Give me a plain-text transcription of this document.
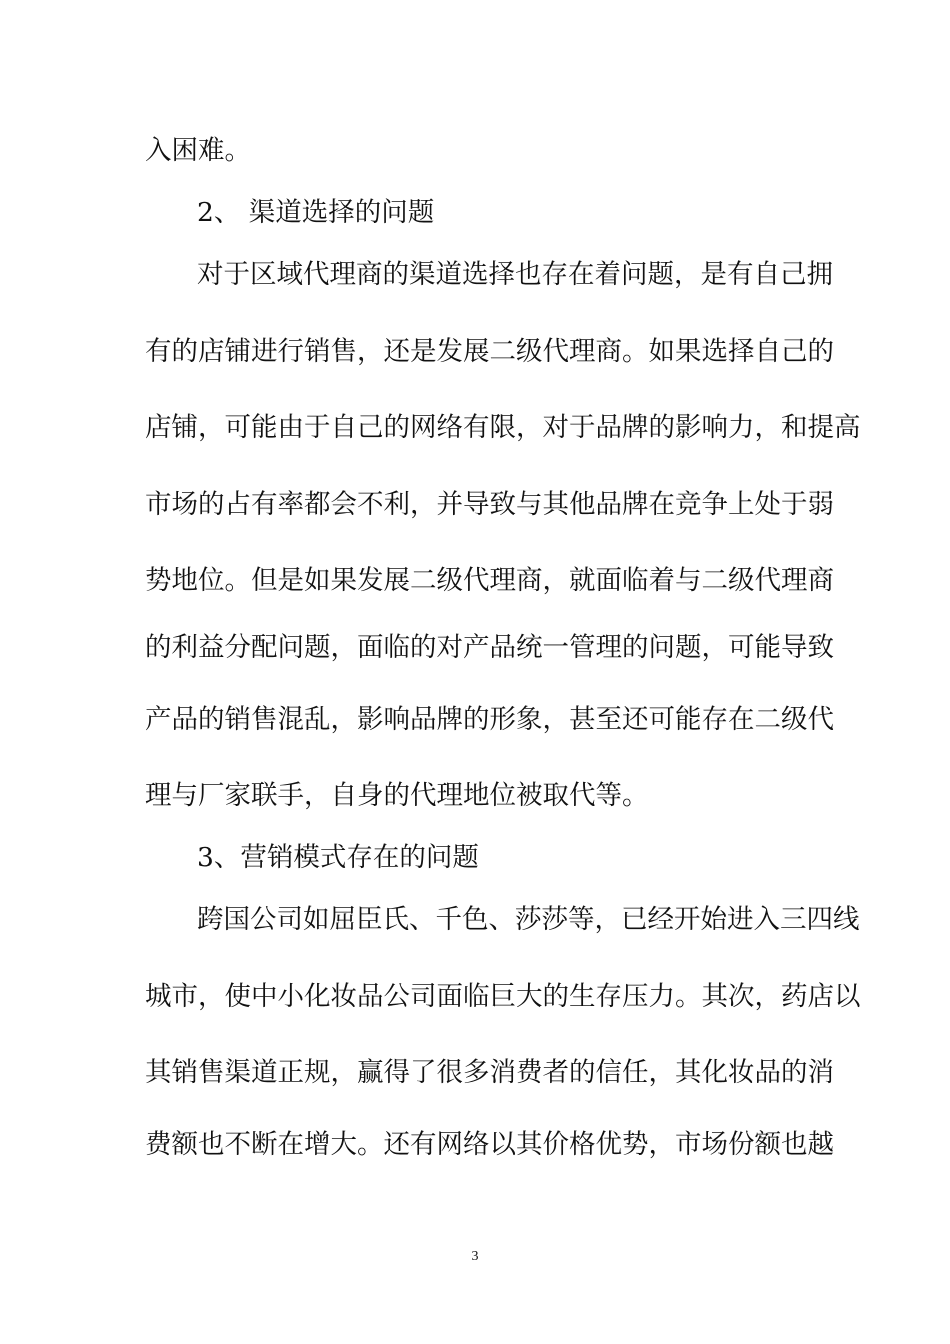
入困难。

2、 渠道选择的问题

对于区域代理商的渠道选择也存在着问题，是有自己拥

有的店铺进行销售，还是发展二级代理商。如果选择自己的

店铺，可能由于自己的网络有限，对于品牌的影响力，和提高

市场的占有率都会不利，并导致与其他品牌在竞争上处于弱

势地位。但是如果发展二级代理商，就面临着与二级代理商

的利益分配问题，面临的对产品统一管理的问题，可能导致

产品的销售混乱，影响品牌的形象，甚至还可能存在二级代

理与厂家联手，自身的代理地位被取代等。

3、营销模式存在的问题

跨国公司如屈臣氏、千色、莎莎等，已经开始进入三四线

城市，使中小化妆品公司面临巨大的生存压力。其次，药店以

其销售渠道正规，赢得了很多消费者的信任，其化妆品的消

费额也不断在增大。还有网络以其价格优势，市场份额也越

3
